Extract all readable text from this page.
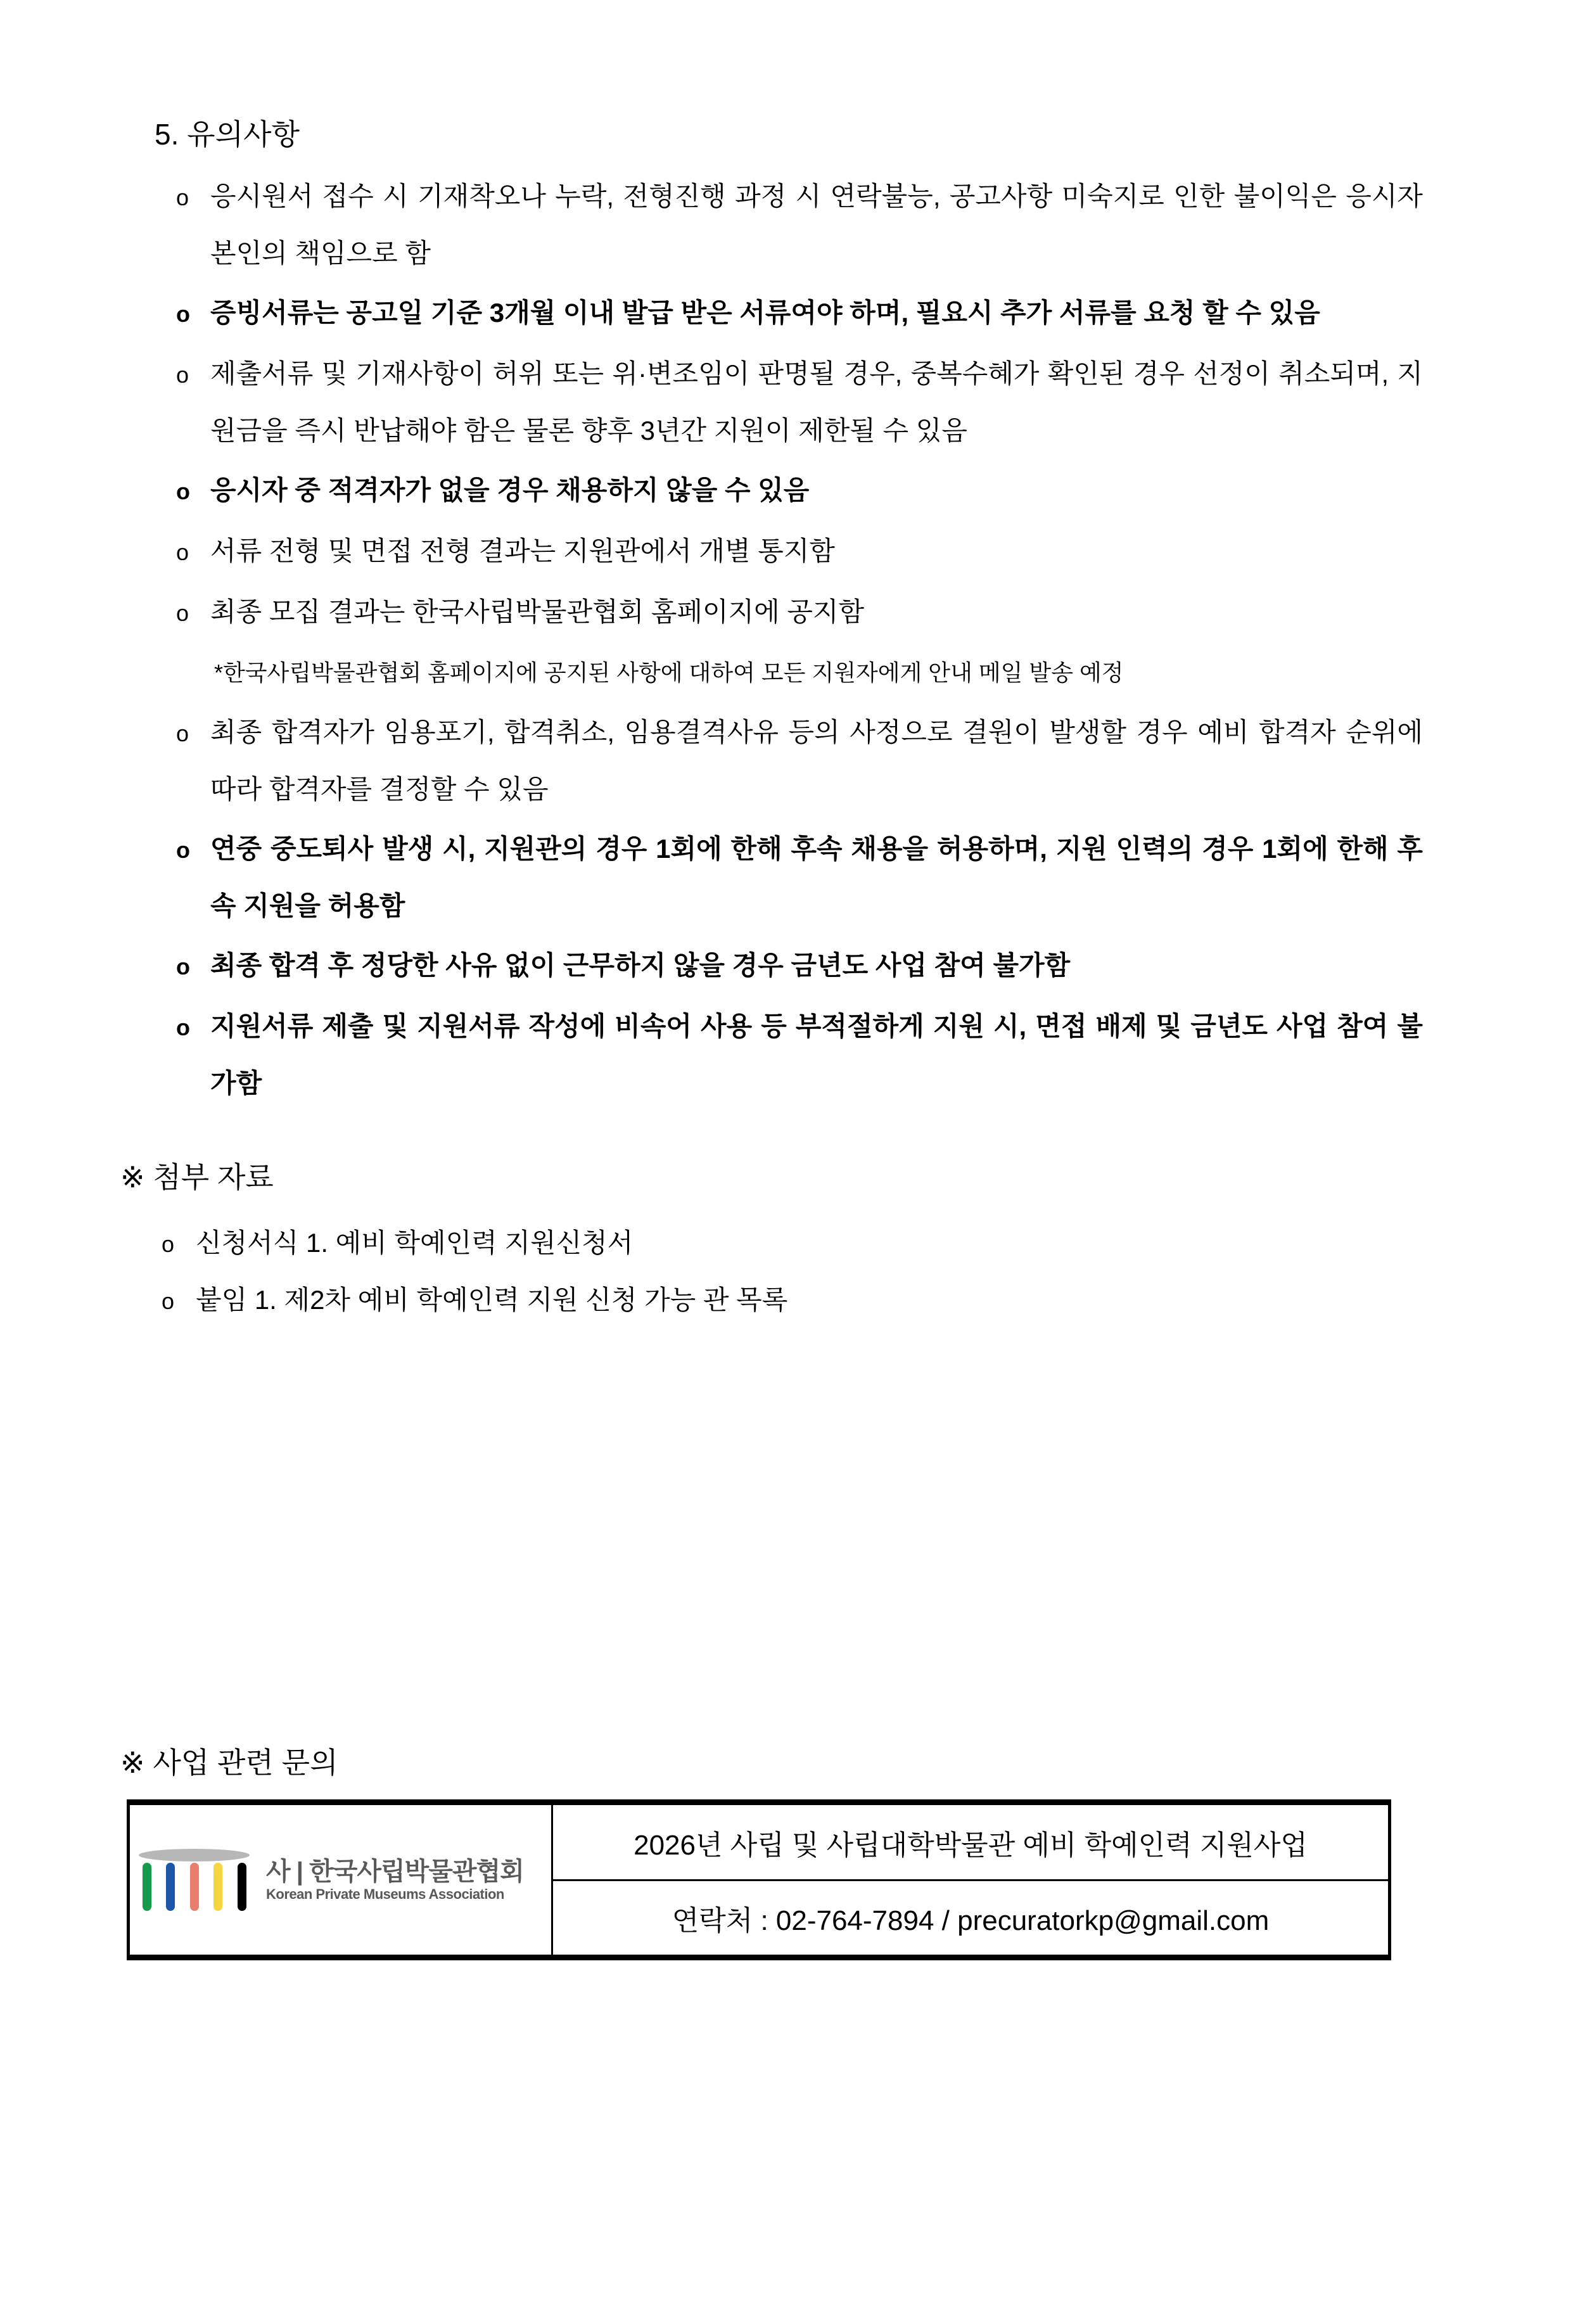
5. 유의사항
o 응시원서 접수 시 기재착오나 누락, 전형진행 과정 시 연락불능, 공고사항 미숙지로 인한 불이익은 응시자 본인의 책임으로 함
o 증빙서류는 공고일 기준 3개월 이내 발급 받은 서류여야 하며, 필요시 추가 서류를 요청 할 수 있음
o 제출서류 및 기재사항이 허위 또는 위·변조임이 판명될 경우, 중복수혜가 확인된 경우 선정이 취소되며, 지원금을 즉시 반납해야 함은 물론 향후 3년간 지원이 제한될 수 있음
o 응시자 중 적격자가 없을 경우 채용하지 않을 수 있음
o 서류 전형 및 면접 전형 결과는 지원관에서 개별 통지함
o 최종 모집 결과는 한국사립박물관협회 홈페이지에 공지함
*한국사립박물관협회 홈페이지에 공지된 사항에 대하여 모든 지원자에게 안내 메일 발송 예정
o 최종 합격자가 임용포기, 합격취소, 임용결격사유 등의 사정으로 결원이 발생할 경우 예비 합격자 순위에 따라 합격자를 결정할 수 있음
o 연중 중도퇴사 발생 시, 지원관의 경우 1회에 한해 후속 채용을 허용하며, 지원 인력의 경우 1회에 한해 후속 지원을 허용함
o 최종 합격 후 정당한 사유 없이 근무하지 않을 경우 금년도 사업 참여 불가함
o 지원서류 제출 및 지원서류 작성에 비속어 사용 등 부적절하게 지원 시, 면접 배제 및 금년도 사업 참여 불가함
※ 첨부 자료
o 신청서식 1. 예비 학예인력 지원신청서
o 붙임 1. 제2차 예비 학예인력 지원 신청 가능 관 목록
※ 사업 관련 문의
사 | 한국사립박물관협회
Korean Private Museums Association
2026년 사립 및 사립대학박물관 예비 학예인력 지원사업
연락처 : 02-764-7894 / precuratorkp@gmail.com
